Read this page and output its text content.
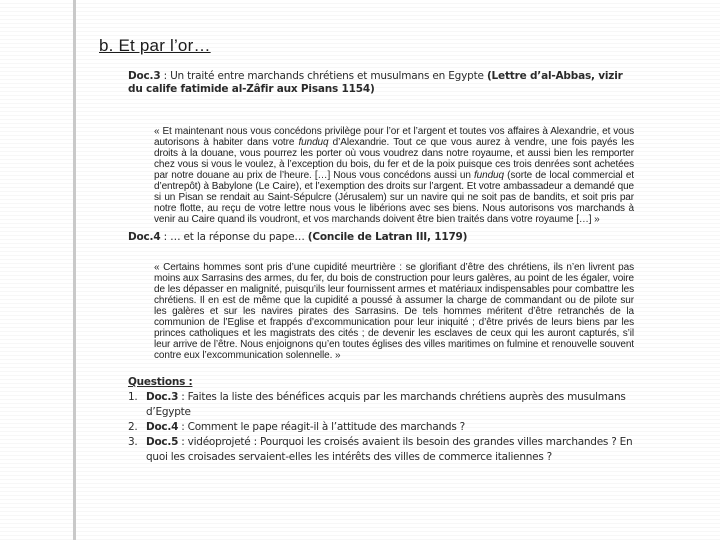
b. Et par l’or…
Doc.3 : Un traité entre marchands chrétiens et musulmans en Egypte (Lettre d’al-Abbas, vizir du calife fatimide al-Zâfir aux Pisans 1154)
« Et maintenant nous vous concédons privilège pour l’or et l’argent et toutes vos affaires à Alexandrie, et vous autorisons à habiter dans votre funduq d’Alexandrie. Tout ce que vous aurez à vendre, une fois payés les droits à la douane, vous pourrez les porter où vous voudrez dans notre royaume, et aussi bien les remporter chez vous si vous le voulez, à l’exception du bois, du fer et de la poix puisque ces trois denrées sont achetées par notre douane au prix de l’heure. […] Nous vous concédons aussi un funduq (sorte de local commercial et d’entrepôt) à Babylone (Le Caire), et l’exemption des droits sur l’argent. Et votre ambassadeur a demandé que si un Pisan se rendait au Saint-Sépulcre (Jérusalem) sur un navire qui ne soit pas de bandits, et soit pris par notre flotte, au reçu de votre lettre nous vous le libérions avec ses biens. Nous autorisons vos marchands à venir au Caire quand ils voudront, et vos marchands doivent être bien traités dans votre royaume […] »
Doc.4 : … et la réponse du pape… (Concile de Latran III, 1179)
« Certains hommes sont pris d’une cupidité meurtrière : se glorifiant d’être des chrétiens, ils n’en livrent pas moins aux Sarrasins des armes, du fer, du bois de construction pour leurs galères, au point de les égaler, voire de les dépasser en malignité, puisqu’ils leur fournissent armes et matériaux indispensables pour combattre les chrétiens. Il en est de même que la cupidité a poussé à assumer la charge de commandant ou de pilote sur les galères et sur les navires pirates des Sarrasins. De tels hommes méritent d’être retranchés de la communion de l’Eglise et frappés d’excommunication pour leur iniquité ; d’être privés de leurs biens par les princes catholiques et les magistrats des cités ; de devenir les esclaves de ceux qui les auront capturés, s’il leur arrive de l’être. Nous enjoignons qu’en toutes églises des villes maritimes on fulmine et renouvelle souvent contre eux l’excommunication solennelle. »
Questions :
1. Doc.3 : Faites la liste des bénéfices acquis par les marchands chrétiens auprès des musulmans d’Egypte
2. Doc.4 : Comment le pape réagit-il à l’attitude des marchands ?
3. Doc.5 : vidéoprojeté : Pourquoi les croisés avaient ils besoin des grandes villes marchandes ? En quoi les croisades servaient-elles les intérêts des villes de commerce italiennes ?
